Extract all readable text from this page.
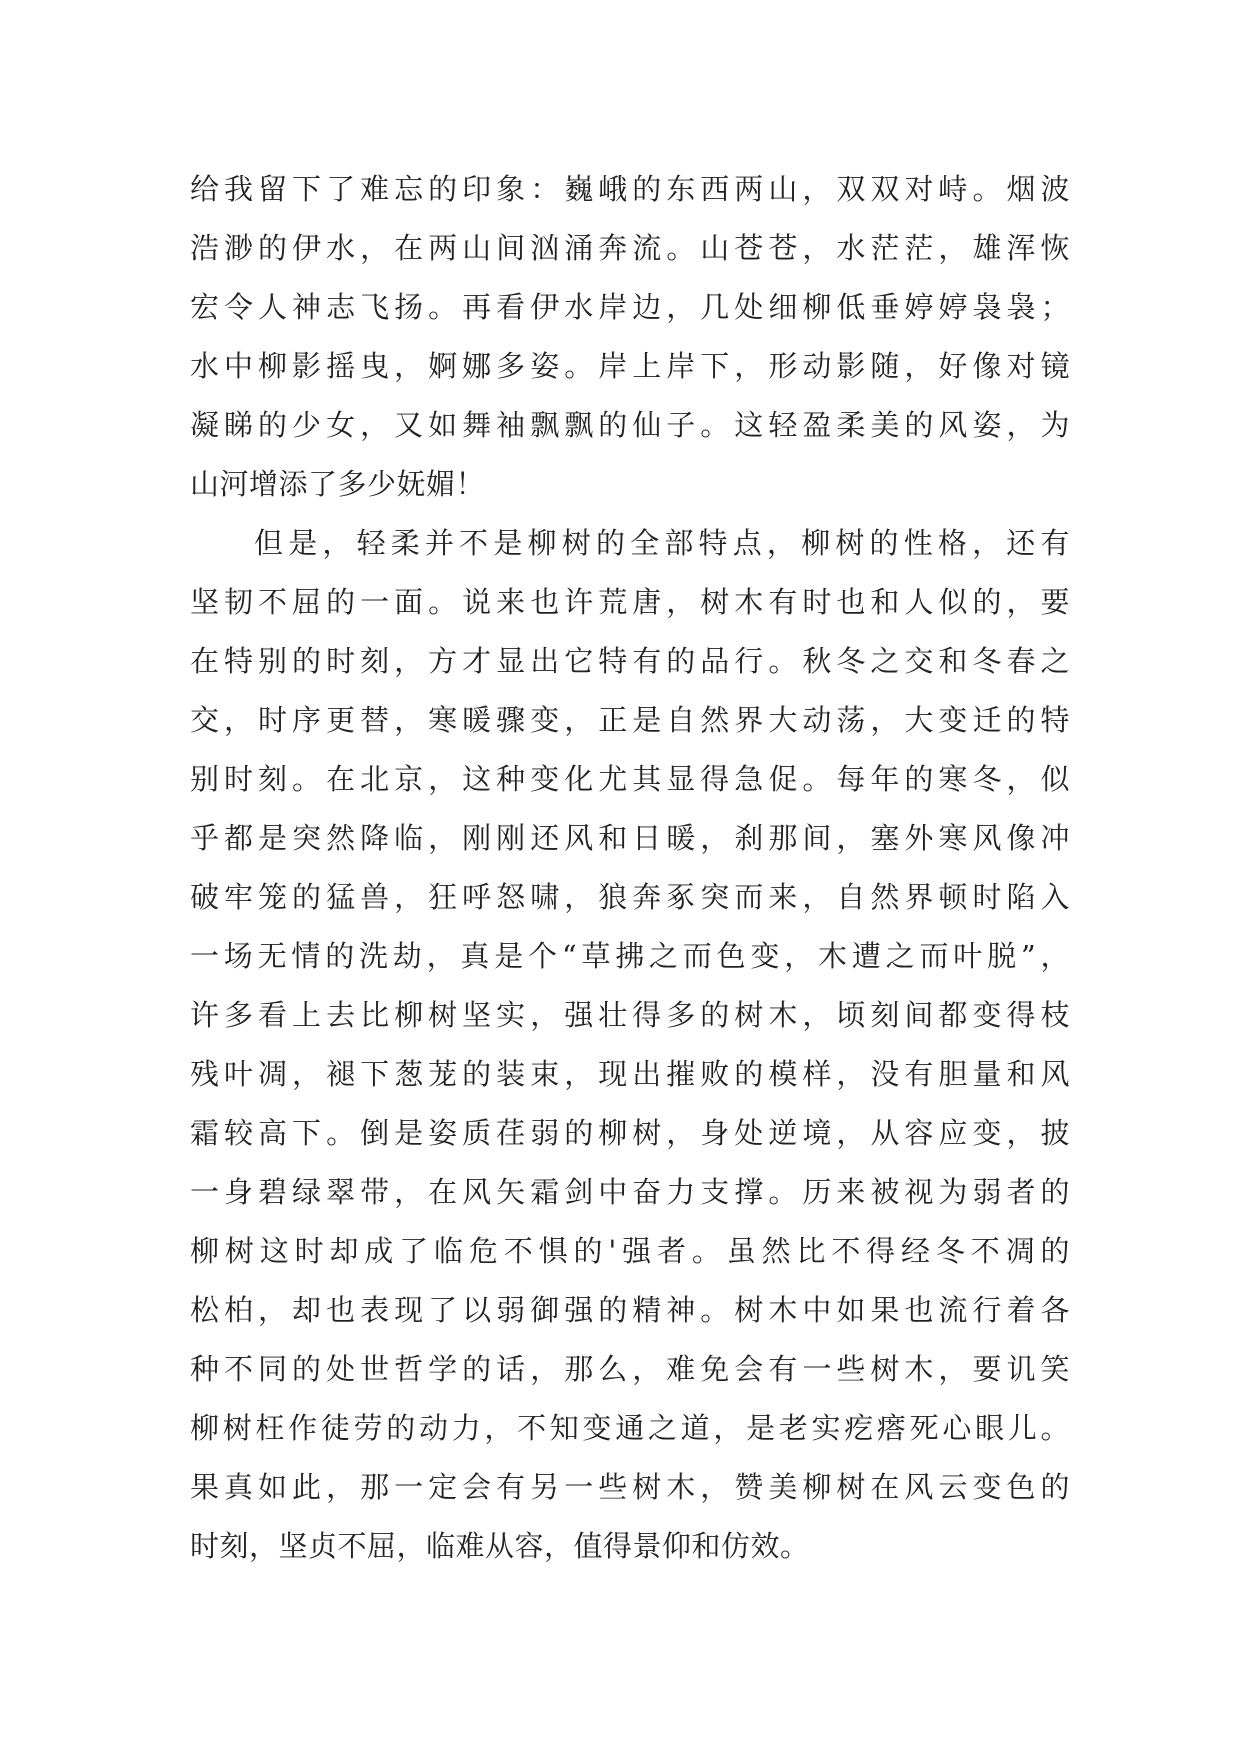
给我留下了难忘的印象：巍峨的东西两山，双双对峙。烟波
浩渺的伊水，在两山间汹涌奔流。山苍苍，水茫茫，雄浑恢
宏令人神志飞扬。再看伊水岸边，几处细柳低垂婷婷袅袅；
水中柳影摇曳，婀娜多姿。岸上岸下，形动影随，好像对镜
凝睇的少女，又如舞袖飘飘的仙子。这轻盈柔美的风姿，为
山河增添了多少妩媚！
但是，轻柔并不是柳树的全部特点，柳树的性格，还有
坚韧不屈的一面。说来也许荒唐，树木有时也和人似的，要
在特别的时刻，方才显出它特有的品行。秋冬之交和冬春之
交，时序更替，寒暖骤变，正是自然界大动荡，大变迁的特
别时刻。在北京，这种变化尤其显得急促。每年的寒冬，似
乎都是突然降临，刚刚还风和日暖，刹那间，塞外寒风像冲
破牢笼的猛兽，狂呼怒啸，狼奔豖突而来，自然界顿时陷入
一场无情的洗劫，真是个“草拂之而色变，木遭之而叶脱”，
许多看上去比柳树坚实，强壮得多的树木，顷刻间都变得枝
残叶凋，褪下葱茏的装束，现出摧败的模样，没有胆量和风
霜较高下。倒是姿质荏弱的柳树，身处逆境，从容应变，披
一身碧绿翠带，在风矢霜剑中奋力支撑。历来被视为弱者的
柳树这时却成了临危不惧的'强者。虽然比不得经冬不凋的
松柏，却也表现了以弱御强的精神。树木中如果也流行着各
种不同的处世哲学的话，那么，难免会有一些树木，要讥笑
柳树枉作徒劳的动力，不知变通之道，是老实疙瘩死心眼儿。
果真如此，那一定会有另一些树木，赞美柳树在风云变色的
时刻，坚贞不屈，临难从容，值得景仰和仿效。
